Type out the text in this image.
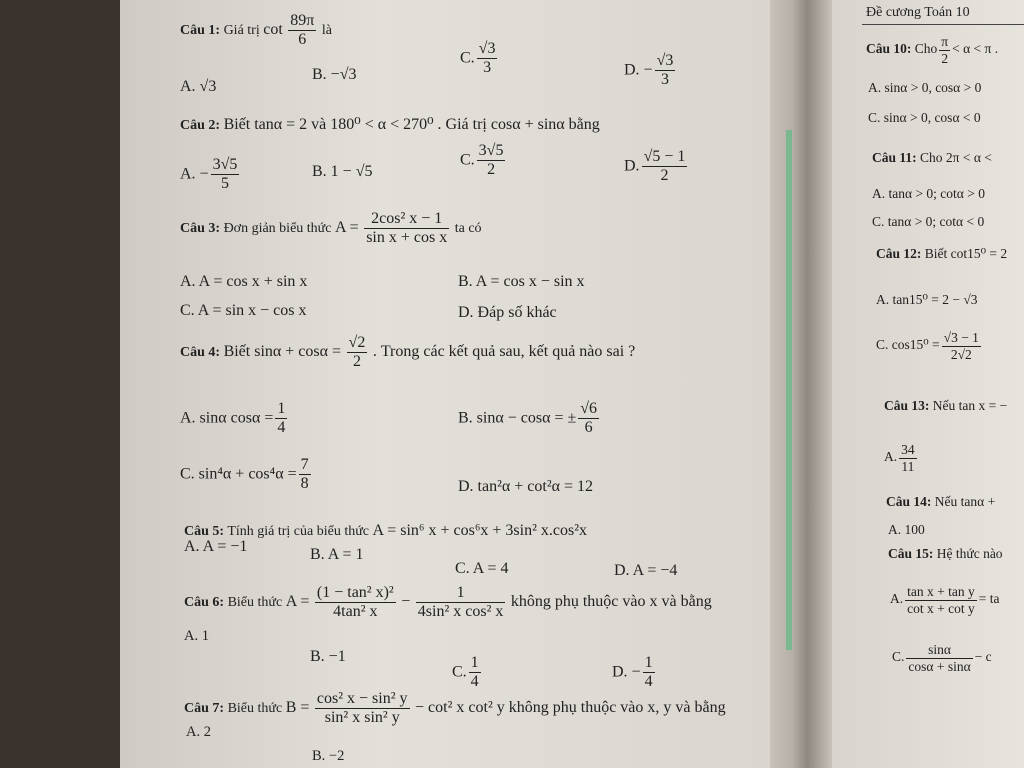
Câu 1: Giá trị $\cot \frac{89\pi}{6}$ là
A. √3
B. −√3
C. $\frac{√3}{3}$	D. − $\frac{√3}{3}$
Câu 2: Biết tanα = 2 và 180⁰ < α < 270⁰ . Giá trị cosα + sinα bằng
A. − $\frac{3√5}{5}$	B. 1 − √5
C. $\frac{3√5}{2}$	D. $\frac{√5 - 1}{2}$
Câu 3: Đơn giản biểu thức $A = \frac{\text{2cos² x − 1}}{\text{sin x + cos x}}$ ta có
A. A = cos x + sin x	B. A = cos x − sin x
C. A = sin x − cos x	D. Đáp số khác
Câu 4: Biết $\sin\alpha + \cos\alpha = \frac{√2}{2}$ . Trong các kết quả sau, kết quả nào sai ?
A. sinα $\cos\alpha = \frac{1}{4}$	B. sinα − cosα = ± $\frac{√6}{6}$
C. $\sin^4\alpha + \cos^4\alpha = \frac{7}{8}$	D. tan²α + cot²α = 12
Câu 5: Tính giá trị của biểu thức A = sin⁶ x + cos⁶x + 3sin² x.cos²x
A. A = −1	B. A = 1
C. A = 4	D. A = −4
Câu 6: Biểu thức $A = \frac{\text{(1 − tan² x)²}}{\text{4tan² x}} - \frac{1}{\text{4sin² x cos² x}}$ không phụ thuộc vào x và bằng
A. 1
B. −1
C. $\frac{1}{4}$	D. − $\frac{1}{4}$
Câu 7: Biểu thức $B = \frac{\text{cos² x − sin² y}}{\text{sin² x sin² y}} - \cot^2$ x cot² y không phụ thuộc vào x, y và bằng
A. 2
B. −2
Đề cương Toán 10
Câu 10: Cho $\frac{\pi}{2} < \alpha < \pi$ .
A. sinα > 0, cosα > 0
C. sinα > 0, cosα < 0
Câu 11: Cho 2π < α <
A. tanα > 0; cotα > 0
C. tanα > 0; cotα < 0
Câu 12: Biết cot15⁰ = 2
A. tan15⁰ = 2 − √3
C. $\cos 15^0 = \frac{√3 - 1}{2√2}$
Câu 13: Nếu tan x = −
A. $\frac{34}{11}$
Câu 14: Nếu tanα +
A. 100
Câu 15: Hệ thức nào
A. $\frac{\text{tan x + tan y}}{\text{cot x + cot y}}$ = ta
C. $\frac{\sin\alpha}{\cos\alpha + \sin\alpha} - c$
